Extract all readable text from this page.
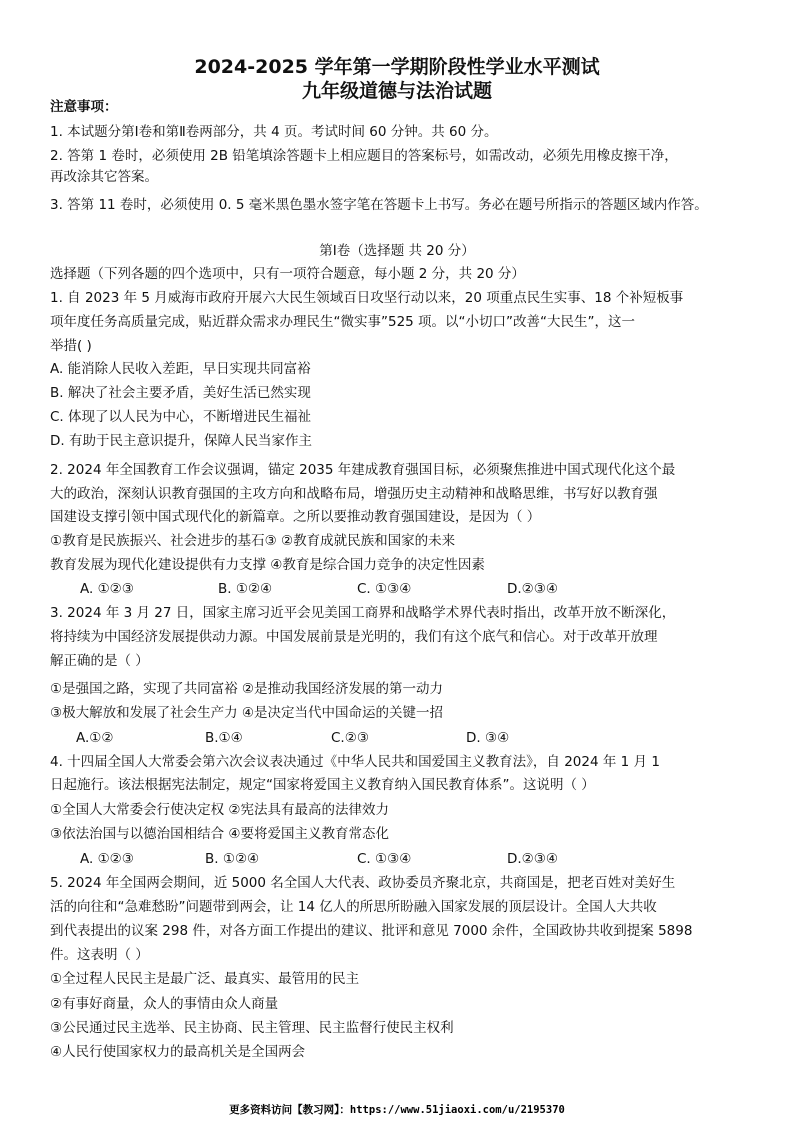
2024-2025 学年第一学期阶段性学业水平测试
九年级道德与法治试题
注意事项：
1. 本试题分第Ⅰ卷和第Ⅱ卷两部分，共 4 页。考试时间 60 分钟。共 60 分。
2. 答第 1 卷时，必须使用 2B 铅笔填涂答题卡上相应题目的答案标号，如需改动，必须先用橡皮擦干净，
再改涂其它答案。
3. 答第 11 卷时，必须使用 0. 5 毫米黑色墨水签字笔在答题卡上书写。务必在题号所指示的答题区域内作答。
第Ⅰ卷（选择题 共 20 分）
选择题（下列各题的四个选项中，只有一项符合题意，每小题 2 分，共 20 分）
1. 自 2023 年 5 月威海市政府开展六大民生领域百日攻坚行动以来，20 项重点民生实事、18 个补短板事
项年度任务高质量完成，贴近群众需求办理民生“微实事”525 项。以“小切口”改善“大民生”，这一
举措( )
A. 能消除人民收入差距，早日实现共同富裕
B. 解决了社会主要矛盾，美好生活已然实现
C. 体现了以人民为中心，不断增进民生福祉
D. 有助于民主意识提升，保障人民当家作主
2. 2024 年全国教育工作会议强调，锚定 2035 年建成教育强国目标，必须聚焦推进中国式现代化这个最
大的政治，深刻认识教育强国的主攻方向和战略布局，增强历史主动精神和战略思维，书写好以教育强
国建设支撑引领中国式现代化的新篇章。之所以要推动教育强国建设，是因为（ ）
①教育是民族振兴、社会进步的基石③ ②教育成就民族和国家的未来
教育发展为现代化建设提供有力支撑 ④教育是综合国力竞争的决定性因素
A. ①②③	B. ①②④	C. ①③④	D.②③④
3. 2024 年 3 月 27 日，国家主席习近平会见美国工商界和战略学术界代表时指出，改革开放不断深化，
将持续为中国经济发展提供动力源。中国发展前景是光明的，我们有这个底气和信心。对于改革开放理
解正确的是（ ）
①是强国之路，实现了共同富裕 ②是推动我国经济发展的第一动力
③极大解放和发展了社会生产力 ④是决定当代中国命运的关键一招
A.①②	B.①④	C.②③	D. ③④
4. 十四届全国人大常委会第六次会议表决通过《中华人民共和国爱国主义教育法》，自 2024 年 1 月 1
日起施行。该法根据宪法制定，规定“国家将爱国主义教育纳入国民教育体系”。这说明（ ）
①全国人大常委会行使决定权 ②宪法具有最高的法律效力
③依法治国与以德治国相结合 ④要将爱国主义教育常态化
A. ①②③	B. ①②④	C. ①③④	D.②③④
5. 2024 年全国两会期间，近 5000 名全国人大代表、政协委员齐聚北京，共商国是，把老百姓对美好生
活的向往和“急难愁盼”问题带到两会，让 14 亿人的所思所盼融入国家发展的顶层设计。全国人大共收
到代表提出的议案 298 件，对各方面工作提出的建议、批评和意见 7000 余件，全国政协共收到提案 5898
件。这表明（ ）
①全过程人民民主是最广泛、最真实、最管用的民主
②有事好商量，众人的事情由众人商量
③公民通过民主选举、民主协商、民主管理、民主监督行使民主权利
④人民行使国家权力的最高机关是全国两会
更多资料访问【教习网】：https://www.51jiaoxi.com/u/2195370
